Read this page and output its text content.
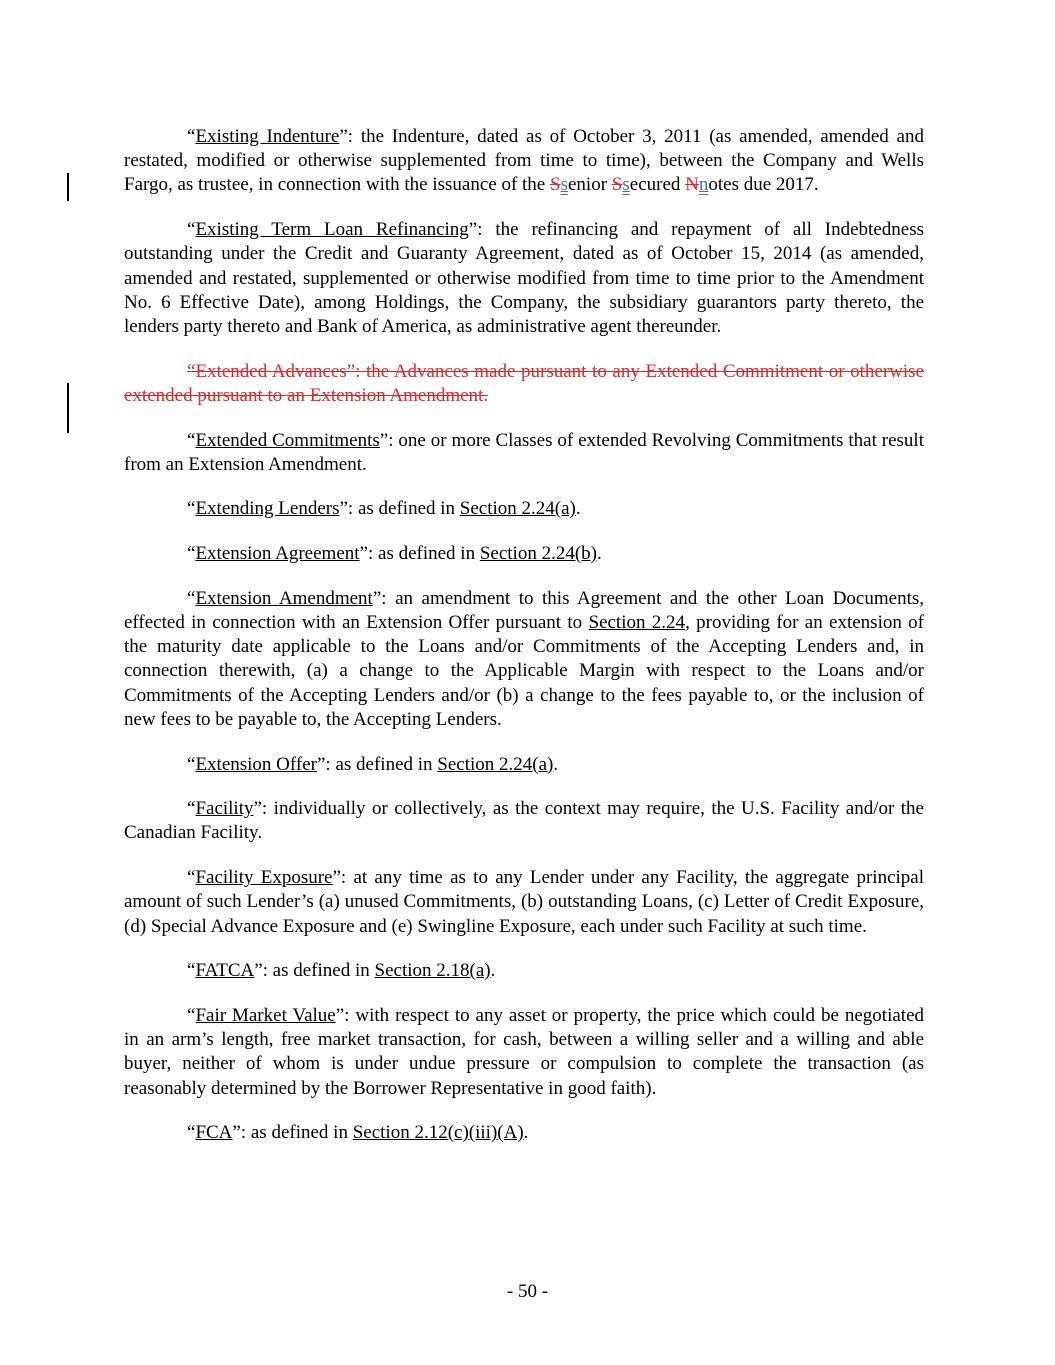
“Existing Indenture”: the Indenture, dated as of October 3, 2011 (as amended, amended and restated, modified or otherwise supplemented from time to time), between the Company and Wells Fargo, as trustee, in connection with the issuance of the Ssenior Ssecured Nnotes due 2017.

“Existing Term Loan Refinancing”: the refinancing and repayment of all Indebtedness outstanding under the Credit and Guaranty Agreement, dated as of October 15, 2014 (as amended, amended and restated, supplemented or otherwise modified from time to time prior to the Amendment No. 6 Effective Date), among Holdings, the Company, the subsidiary guarantors party thereto, the lenders party thereto and Bank of America, as administrative agent thereunder.

“Extended Advances”: the Advances made pursuant to any Extended Commitment or otherwise extended pursuant to an Extension Amendment.

“Extended Commitments”: one or more Classes of extended Revolving Commitments that result from an Extension Amendment.

“Extending Lenders”: as defined in Section 2.24(a).

“Extension Agreement”: as defined in Section 2.24(b).

“Extension Amendment”: an amendment to this Agreement and the other Loan Documents, effected in connection with an Extension Offer pursuant to Section 2.24, providing for an extension of the maturity date applicable to the Loans and/or Commitments of the Accepting Lenders and, in connection therewith, (a) a change to the Applicable Margin with respect to the Loans and/or Commitments of the Accepting Lenders and/or (b) a change to the fees payable to, or the inclusion of new fees to be payable to, the Accepting Lenders.

“Extension Offer”: as defined in Section 2.24(a).

“Facility”: individually or collectively, as the context may require, the U.S. Facility and/or the Canadian Facility.

“Facility Exposure”: at any time as to any Lender under any Facility, the aggregate principal amount of such Lender’s (a) unused Commitments, (b) outstanding Loans, (c) Letter of Credit Exposure, (d) Special Advance Exposure and (e) Swingline Exposure, each under such Facility at such time.

“FATCA”: as defined in Section 2.18(a).

“Fair Market Value”: with respect to any asset or property, the price which could be negotiated in an arm’s length, free market transaction, for cash, between a willing seller and a willing and able buyer, neither of whom is under undue pressure or compulsion to complete the transaction (as reasonably determined by the Borrower Representative in good faith).

“FCA”: as defined in Section 2.12(c)(iii)(A).

- 50 -
